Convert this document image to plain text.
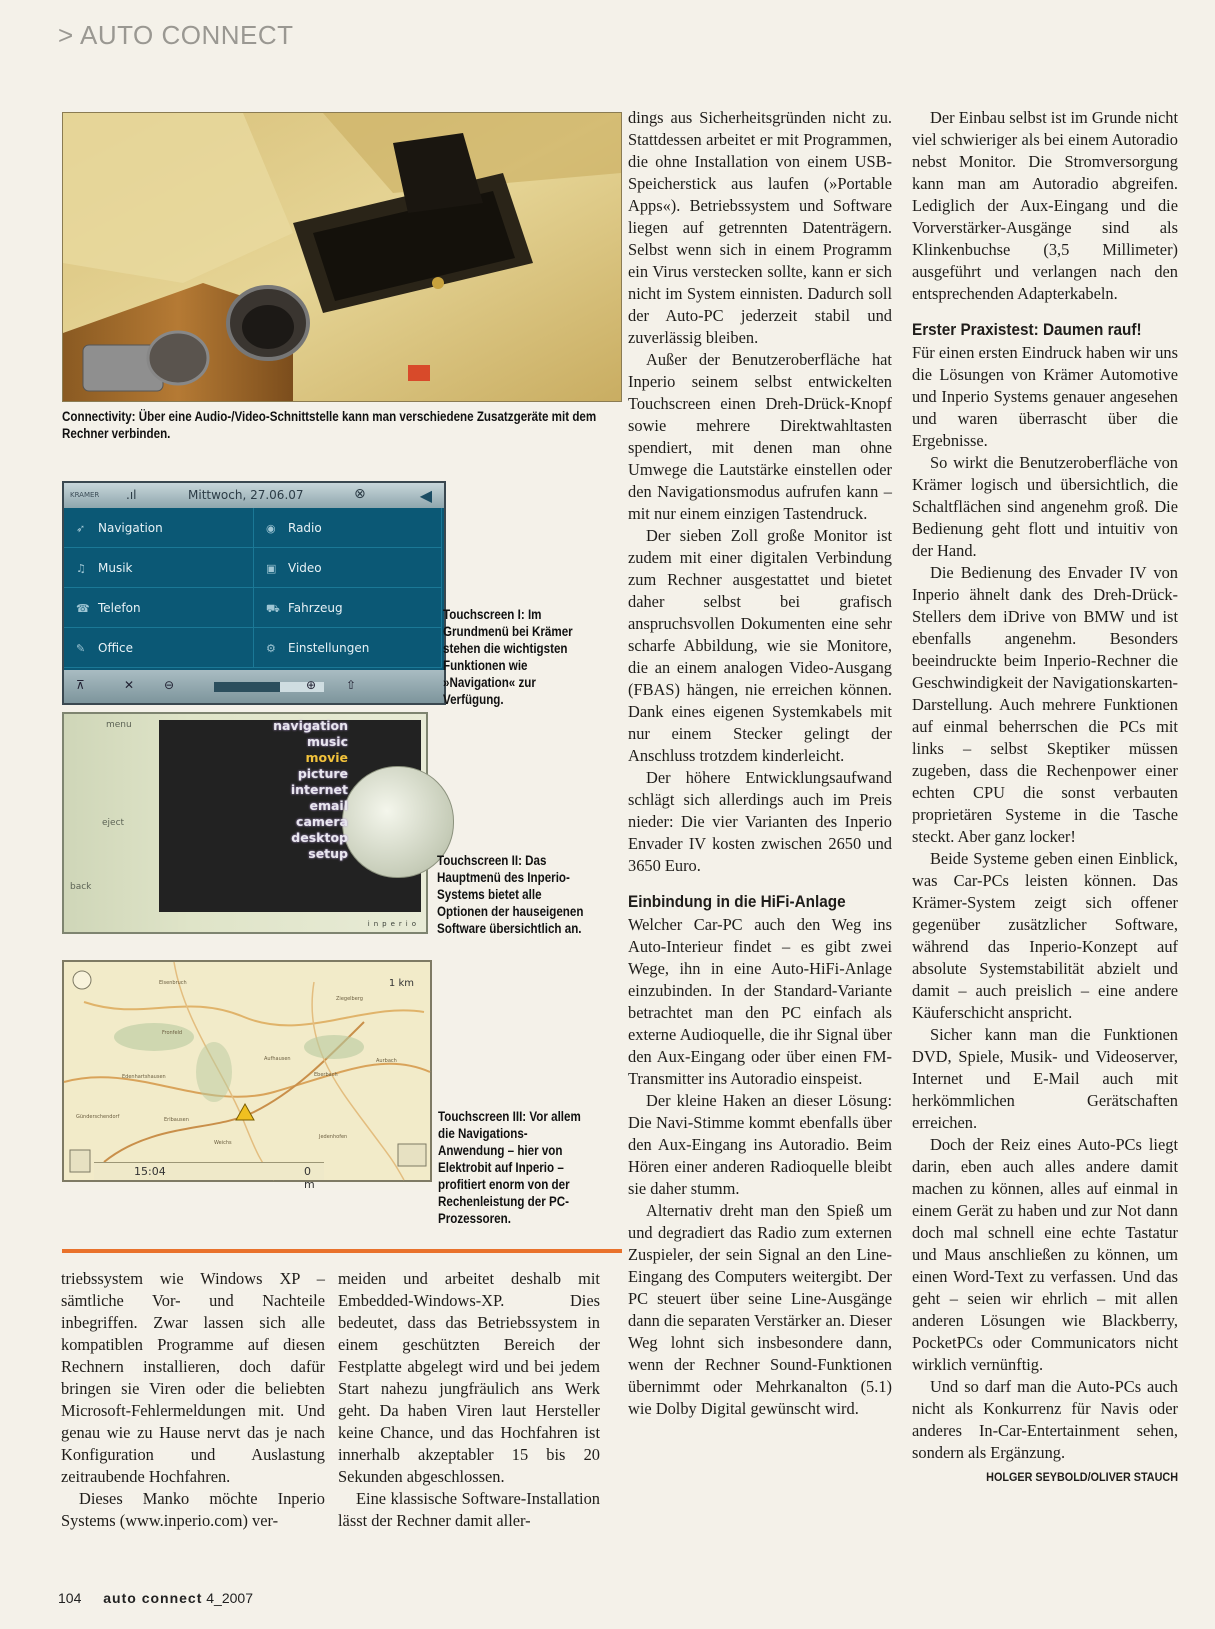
> AUTO CONNECT
Connectivity: Über eine Audio-/Video-Schnittstelle kann man verschiedene Zusatzgeräte mit dem Rechner verbinden.
KRAMER .ıl	Mittwoch, 27.06.07	⊗	◀
➶ Navigation	◉ Radio
♫ Musik	▣ Video
☎ Telefon	⛟ Fahrzeug
✎ Office	⚙ Einstellungen
⊼	✕ ⊖	⊕ ⇧
Touchscreen I: Im Grundmenü bei Krämer stehen die wichtigsten Funktionen wie »Navigation« zur Verfügung.
menu
eject
back
navigation
music
movie
picture
internet
email
camera
desktop
setup
inperio
Touchscreen II: Das Hauptmenü des Inperio-Systems bietet alle Optionen der hauseigenen Software übersichtlich an.
Elsenbruch
Ziegelberg
Fronfeld
Aufhausen	Aurbach
Edenhartshausen	Eberbach
Günderschendorf	Erlbausen
Jedenhofen
Weichs
1 km
15:04	0 m
Touchscreen III: Vor allem die Navigations-Anwendung – hier von Elektrobit auf Inperio – profitiert enorm von der Rechenleistung der PC-Prozessoren.

triebssystem wie Windows XP – sämtliche Vor- und Nachteile inbegriffen. Zwar lassen sich alle kompatiblen Programme auf diesen Rechnern installieren, doch dafür bringen sie Viren oder die beliebten Microsoft-Fehlermeldungen mit. Und genau wie zu Hause nervt das je nach Konfiguration und Auslastung zeitraubende Hochfahren.

Dieses Manko möchte Inperio Systems (www.inperio.com) ver-

meiden und arbeitet deshalb mit Embedded-Windows-XP. Dies bedeutet, dass das Betriebssystem in einem geschützten Bereich der Festplatte abgelegt wird und bei jedem Start nahezu jungfräulich ans Werk geht. Da haben Viren laut Hersteller keine Chance, und das Hochfahren ist innerhalb akzeptabler 15 bis 20 Sekunden abgeschlossen.

Eine klassische Software-Installation lässt der Rechner damit aller-

dings aus Sicherheitsgründen nicht zu. Stattdessen arbeitet er mit Programmen, die ohne Installation von einem USB-Speicherstick aus laufen (»Portable Apps«). Betriebssystem und Software liegen auf getrennten Datenträgern. Selbst wenn sich in einem Programm ein Virus verstecken sollte, kann er sich nicht im System einnisten. Dadurch soll der Auto-PC jederzeit stabil und zuverlässig bleiben.

Außer der Benutzeroberfläche hat Inperio seinem selbst entwickelten Touchscreen einen Dreh-Drück-Knopf sowie mehrere Direktwahltasten spendiert, mit denen man ohne Umwege die Lautstärke einstellen oder den Navigationsmodus aufrufen kann – mit nur einem einzigen Tastendruck.

Der sieben Zoll große Monitor ist zudem mit einer digitalen Verbindung zum Rechner ausgestattet und bietet daher selbst bei grafisch anspruchsvollen Dokumenten eine sehr scharfe Abbildung, wie sie Monitore, die an einem analogen Video-Ausgang (FBAS) hängen, nie erreichen können. Dank eines eigenen Systemkabels mit nur einem Stecker gelingt der Anschluss trotzdem kinderleicht.

Der höhere Entwicklungsaufwand schlägt sich allerdings auch im Preis nieder: Die vier Varianten des Inperio Envader IV kosten zwischen 2650 und 3650 Euro.

Einbindung in die HiFi-Anlage

Welcher Car-PC auch den Weg ins Auto-Interieur findet – es gibt zwei Wege, ihn in eine Auto-HiFi-Anlage einzubinden. In der Standard-Variante betrachtet man den PC einfach als externe Audioquelle, die ihr Signal über den Aux-Eingang oder über einen FM-Transmitter ins Autoradio einspeist.

Der kleine Haken an dieser Lösung: Die Navi-Stimme kommt ebenfalls über den Aux-Eingang ins Autoradio. Beim Hören einer anderen Radioquelle bleibt sie daher stumm.

Alternativ dreht man den Spieß um und degradiert das Radio zum externen Zuspieler, der sein Signal an den Line-Eingang des Computers weitergibt. Der PC steuert über seine Line-Ausgänge dann die separaten Verstärker an. Dieser Weg lohnt sich insbesondere dann, wenn der Rechner Sound-Funktionen übernimmt oder Mehrkanalton (5.1) wie Dolby Digital gewünscht wird.

Der Einbau selbst ist im Grunde nicht viel schwieriger als bei einem Autoradio nebst Monitor. Die Stromversorgung kann man am Autoradio abgreifen. Lediglich der Aux-Eingang und die Vorverstärker-Ausgänge sind als Klinkenbuchse (3,5 Millimeter) ausgeführt und verlangen nach den entsprechenden Adapterkabeln.

Erster Praxistest: Daumen rauf!

Für einen ersten Eindruck haben wir uns die Lösungen von Krämer Automotive und Inperio Systems genauer angesehen und waren überrascht über die Ergebnisse.

So wirkt die Benutzeroberfläche von Krämer logisch und übersichtlich, die Schaltflächen sind angenehm groß. Die Bedienung geht flott und intuitiv von der Hand.

Die Bedienung des Envader IV von Inperio ähnelt dank des Dreh-Drück-Stellers dem iDrive von BMW und ist ebenfalls angenehm. Besonders beeindruckte beim Inperio-Rechner die Geschwindigkeit der Navigationskarten-Darstellung. Auch mehrere Funktionen auf einmal beherrschen die PCs mit links – selbst Skeptiker müssen zugeben, dass die Rechenpower einer echten CPU die sonst verbauten proprietären Systeme in die Tasche steckt. Aber ganz locker!

Beide Systeme geben einen Einblick, was Car-PCs leisten können. Das Krämer-System zeigt sich offener gegenüber zusätzlicher Software, während das Inperio-Konzept auf absolute Systemstabilität abzielt und damit – auch preislich – eine andere Käuferschicht anspricht.

Sicher kann man die Funktionen DVD, Spiele, Musik- und Videoserver, Internet und E-Mail auch mit herkömmlichen Gerätschaften erreichen.

Doch der Reiz eines Auto-PCs liegt darin, eben auch alles andere damit machen zu können, alles auf einmal in einem Gerät zu haben und zur Not dann doch mal schnell eine echte Tastatur und Maus anschließen zu können, um einen Word-Text zu verfassen. Und das geht – seien wir ehrlich – mit allen anderen Lösungen wie Blackberry, PocketPCs oder Communicators nicht wirklich vernünftig.

Und so darf man die Auto-PCs auch nicht als Konkurrenz für Navis oder anderes In-Car-Entertainment sehen, sondern als Ergänzung.

HOLGER SEYBOLD/OLIVER STAUCH
104 auto connect 4_2007
